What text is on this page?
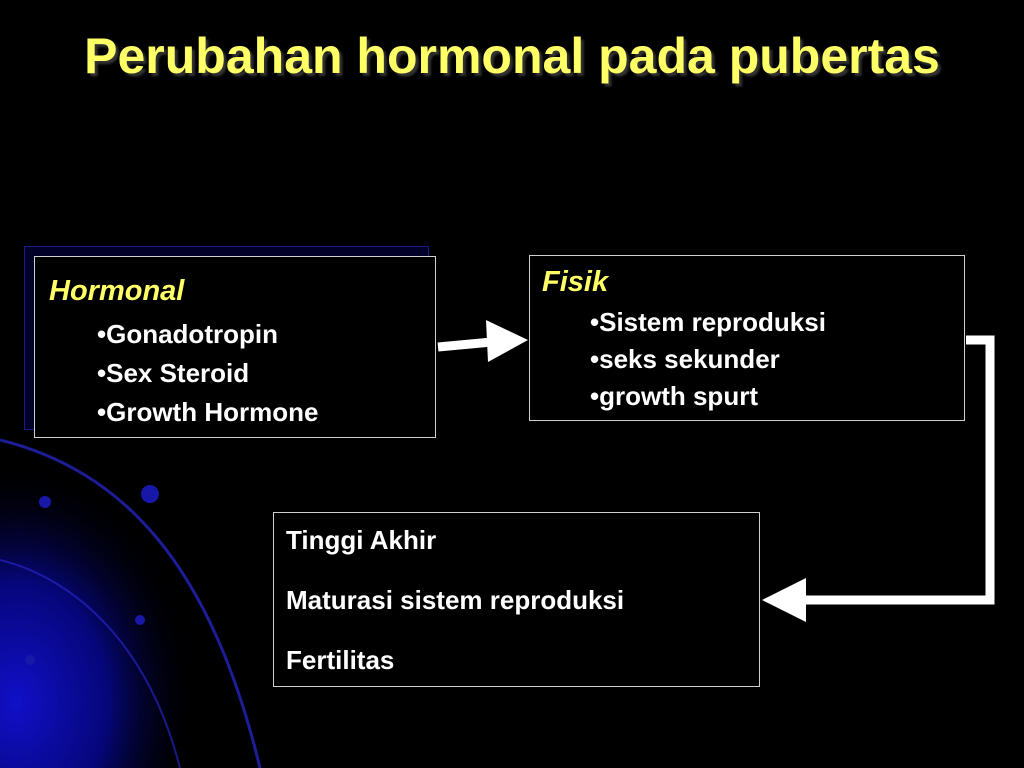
Perubahan hormonal pada pubertas
Hormonal
•Gonadotropin
•Sex Steroid
•Growth Hormone
Fisik
•Sistem reproduksi
•seks sekunder
•growth spurt

Tinggi Akhir

Maturasi sistem reproduksi

Fertilitas
